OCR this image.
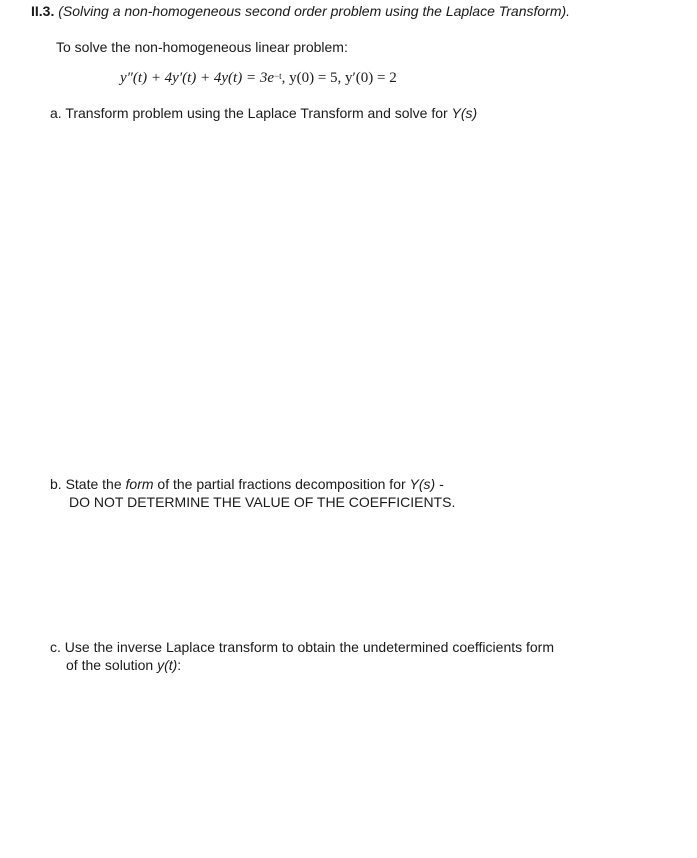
II.3. (Solving a non-homogeneous second order problem using the Laplace Transform).
To solve the non-homogeneous linear problem:
$y''(t) + 4y'(t) + 4y(t) = 3e^{-t}$, y(0) = 5, y′(0) = 2
a. Transform problem using the Laplace Transform and solve for Y(s)
b. State the form of the partial fractions decomposition for Y(s) -
DO NOT DETERMINE THE VALUE OF THE COEFFICIENTS.
c. Use the inverse Laplace transform to obtain the undetermined coefficients form
of the solution y(t):
